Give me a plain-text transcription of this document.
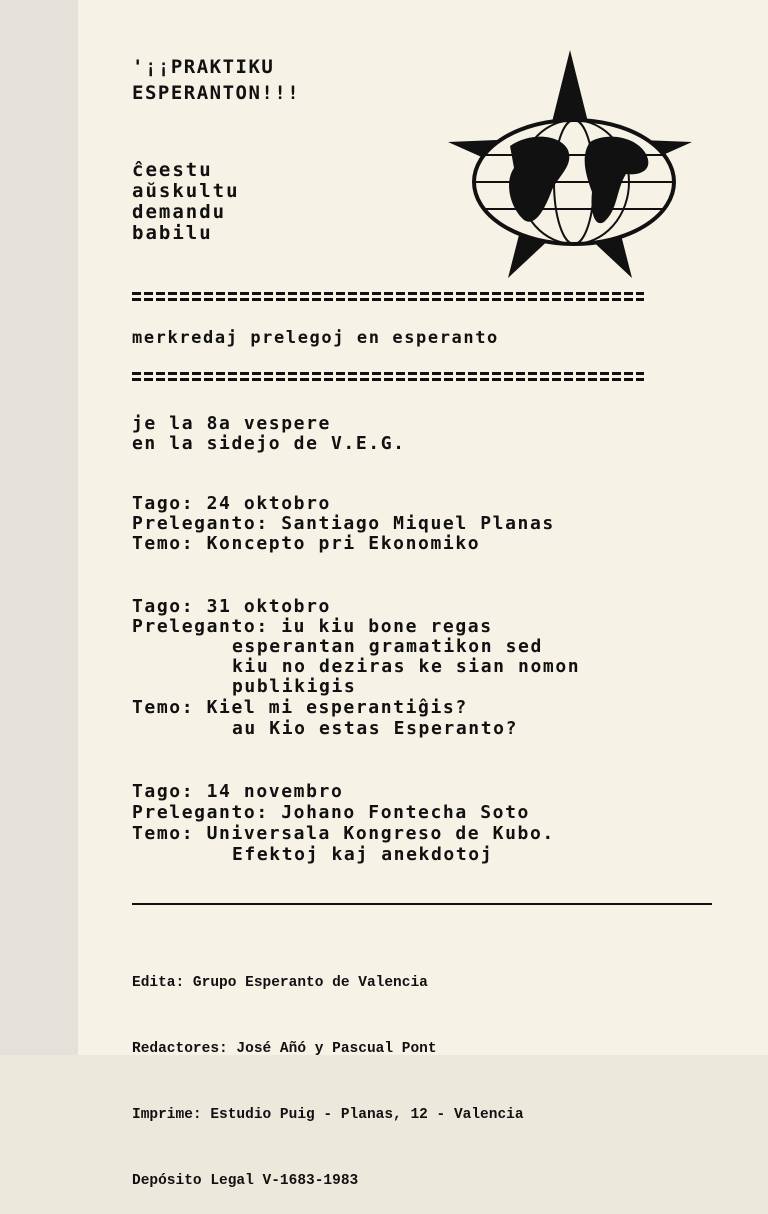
'¡¡PRAKTIKU
ESPERANTON!!!
ĉeestu
aŭskultu
demandu
babilu
merkredaj prelegoj en esperanto
je la 8a vespere
en la sidejo de V.E.G.
Tago: 24 oktobro
Preleganto: Santiago Miquel Planas
Temo: Koncepto pri Ekonomiko
Tago: 31 oktobro
Preleganto: iu kiu bone regas
esperantan gramatikon sed
kiu no deziras ke sian nomon
publikigis
Temo: Kiel mi esperantiĝis?
au Kio estas Esperanto?
Tago: 14 novembro
Preleganto: Johano Fontecha Soto
Temo: Universala Kongreso de Kubo.
Efektoj kaj anekdotoj

Edita: Grupo Esperanto de Valencia

Redactores: José Añó y Pascual Pont

Imprime: Estudio Puig - Planas, 12 - Valencia

Depósito Legal V-1683-1983
